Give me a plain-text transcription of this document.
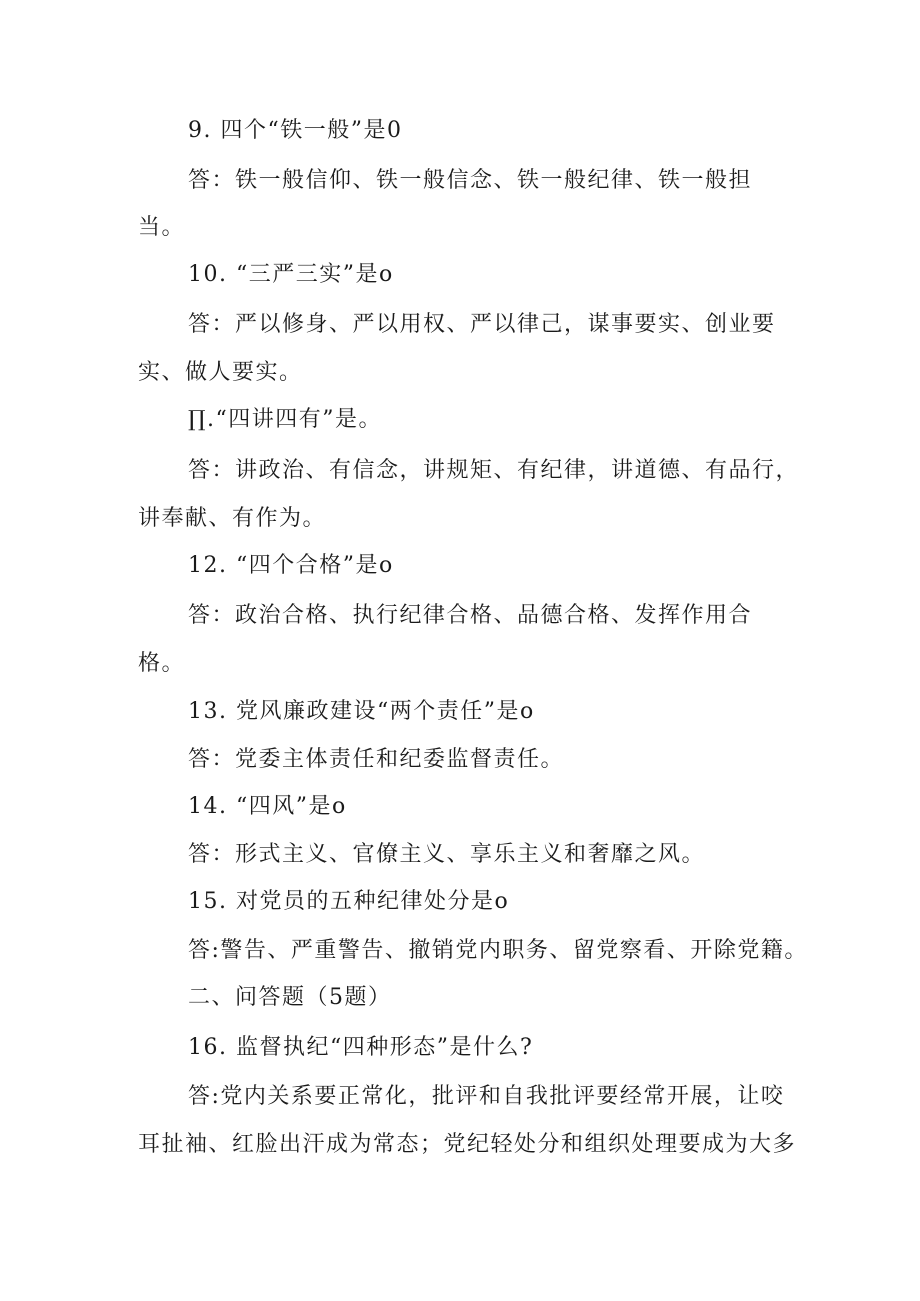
9. 四个“铁一般”是0
答：铁一般信仰、铁一般信念、铁一般纪律、铁一般担
当。
10. “三严三实”是o
答：严以修身、严以用权、严以律己，谋事要实、创业要
实、做人要实。
∏.“四讲四有”是。
答：讲政治、有信念，讲规矩、有纪律，讲道德、有品行，
讲奉献、有作为。
12. “四个合格”是o
答：政治合格、执行纪律合格、品德合格、发挥作用合
格。
13. 党风廉政建设“两个责任”是o
答：党委主体责任和纪委监督责任。
14. “四风”是o
答：形式主义、官僚主义、享乐主义和奢靡之风。
15. 对党员的五种纪律处分是o
答:警告、严重警告、撤销党内职务、留党察看、开除党籍。
二、问答题（5题）
16. 监督执纪“四种形态”是什么?
答:党内关系要正常化，批评和自我批评要经常开展，让咬
耳扯袖、红脸出汗成为常态；党纪轻处分和组织处理要成为大多
